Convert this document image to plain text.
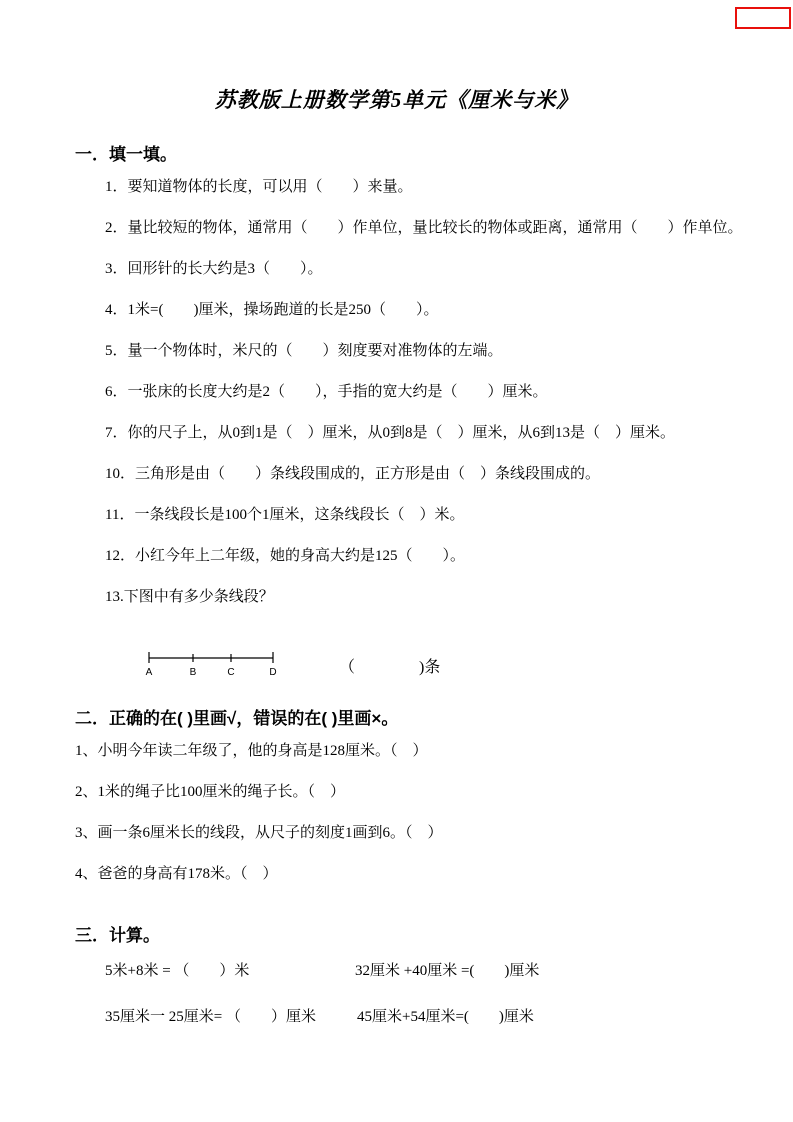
苏教版上册数学第5单元《厘米与米》
一．填一填。

1．要知道物体的长度，可以用（　　）来量。

2．量比较短的物体，通常用（　　）作单位，量比较长的物体或距离，通常用（　　）作单位。

3．回形针的长大约是3（　　）。

4．1米=(　　)厘米，操场跑道的长是250（　　）。

5．量一个物体时，米尺的（　　）刻度要对准物体的左端。

6．一张床的长度大约是2（　　），手指的宽大约是（　　）厘米。

7．你的尺子上，从0到1是（　）厘米，从0到8是（　）厘米，从6到13是（　）厘米。

10．三角形是由（　　）条线段围成的，正方形是由（　）条线段围成的。

11．一条线段长是100个1厘米，这条线段长（　）米。

12．小红今年上二年级，她的身高大约是125（　　）。

13.下图中有多少条线段？

A	B	C	D	（　　　　)条
二．正确的在( )里画√，错误的在( )里画×。

1、小明今年读二年级了，他的身高是128厘米。（　）

2、1米的绳子比100厘米的绳子长。（　）

3、画一条6厘米长的线段，从尺子的刻度1画到6。（　）

4、爸爸的身高有178米。（　）

三．计算。

5米+8米 = （　　）米	32厘米 +40厘米 =(　　)厘米

35厘米一 25厘米= （　　）厘米	45厘米+54厘米=(　　)厘米
